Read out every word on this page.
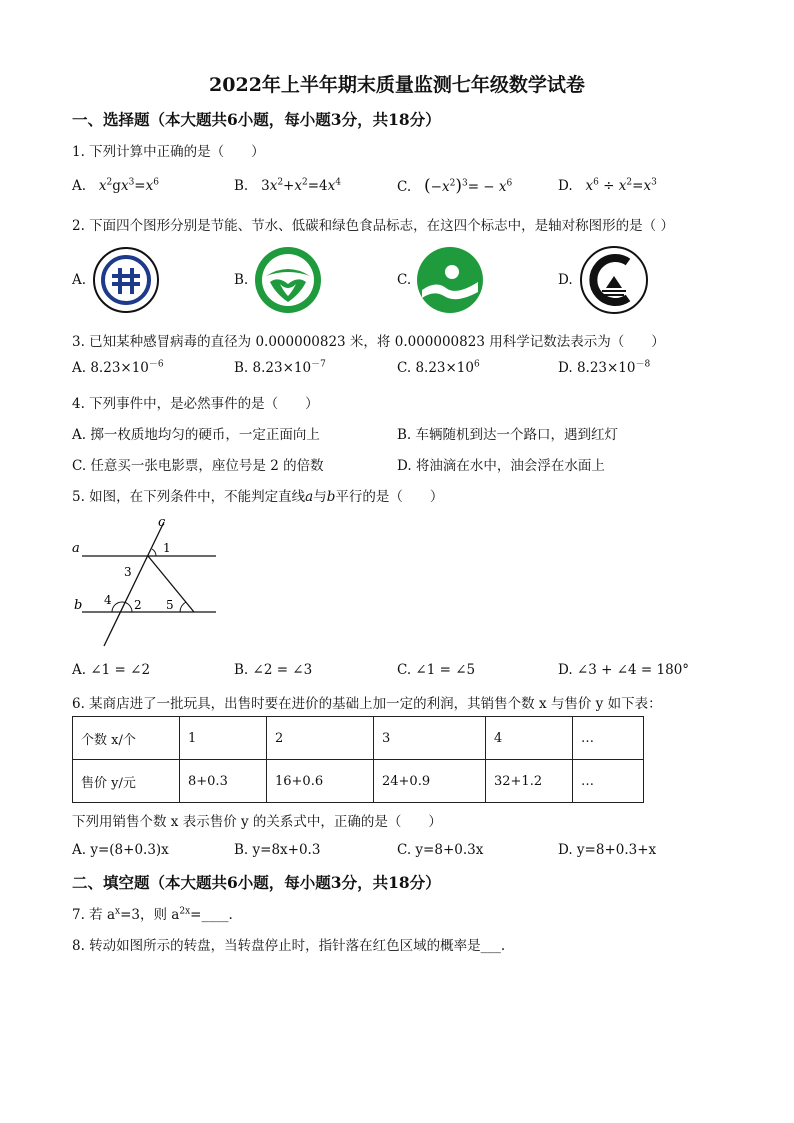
2022年上半年期末质量监测七年级数学试卷
一、选择题（本大题共6小题，每小题3分，共18分）
1. 下列计算中正确的是（　　）
A. $x^2gx^3=x^6$	B. $3x^2+x^2=4x^4$	C. $(-x^2)^3= - x^6$	D. $x^6 \div x^2=x^3$
2. 下面四个图形分别是节能、节水、低碳和绿色食品标志，在这四个标志中，是轴对称图形的是（ ）
A.	B.	C.	D.
3. 已知某种感冒病毒的直径为 0.000000823 米，将 0.000000823 用科学记数法表示为（　　）
A. $8.23\times 10^{-6}$	B. $8.23\times 10^{-7}$	C. $8.23\times 10^6$	D. $8.23\times 10^{-8}$
4. 下列事件中，是必然事件的是（　　）
A. 掷一枚质地均匀的硬币，一定正面向上	B. 车辆随机到达一个路口，遇到红灯
C. 任意买一张电影票，座位号是 2 的倍数	D. 将油滴在水中，油会浮在水面上
5. 如图，在下列条件中，不能判定直线a与b平行的是（　　）
c
a
b
1
3
4 2 5
A. ∠1 = ∠2	B. ∠2 = ∠3	C. ∠1 = ∠5	D. ∠3 + ∠4 = 180°
6. 某商店进了一批玩具，出售时要在进价的基础上加一定的利润，其销售个数 x 与售价 y 如下表：
个数 x/个	1	2	3	4	…
售价 y/元	8+0.3	16+0.6	24+0.9	32+1.2	…
下列用销售个数 x 表示售价 y 的关系式中，正确的是（　　）
A. y=(8+0.3)x	B. y=8x+0.3	C. y=8+0.3x	D. y=8+0.3+x
二、填空题（本大题共6小题，每小题3分，共18分）
7. 若 $a^x=3$，则 $a^{2x}=\_\_\_\_$.
8. 转动如图所示的转盘，当转盘停止时，指针落在红色区域的概率是___.
